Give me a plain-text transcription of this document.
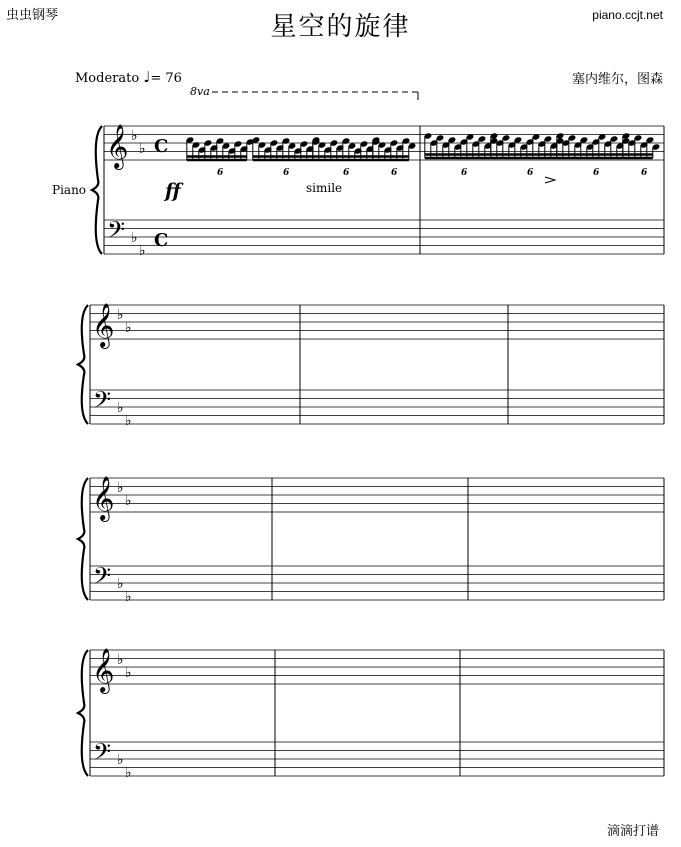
虫虫钢琴	星空的旋律	piano.ccjt.net
Moderato ♩= 76	塞内维尔，图森
Piano
滴滴打谱
𝄞
𝄢
♭
♭
♭
♭
C
C
𝄞
𝄢
♭
♭
♭
♭
𝄞
𝄢
♭
♭
♭
♭
𝄞
𝄢
♭
♭
♭
♭
8va
6	6	6	6	6	6	6	6
ff	simile
